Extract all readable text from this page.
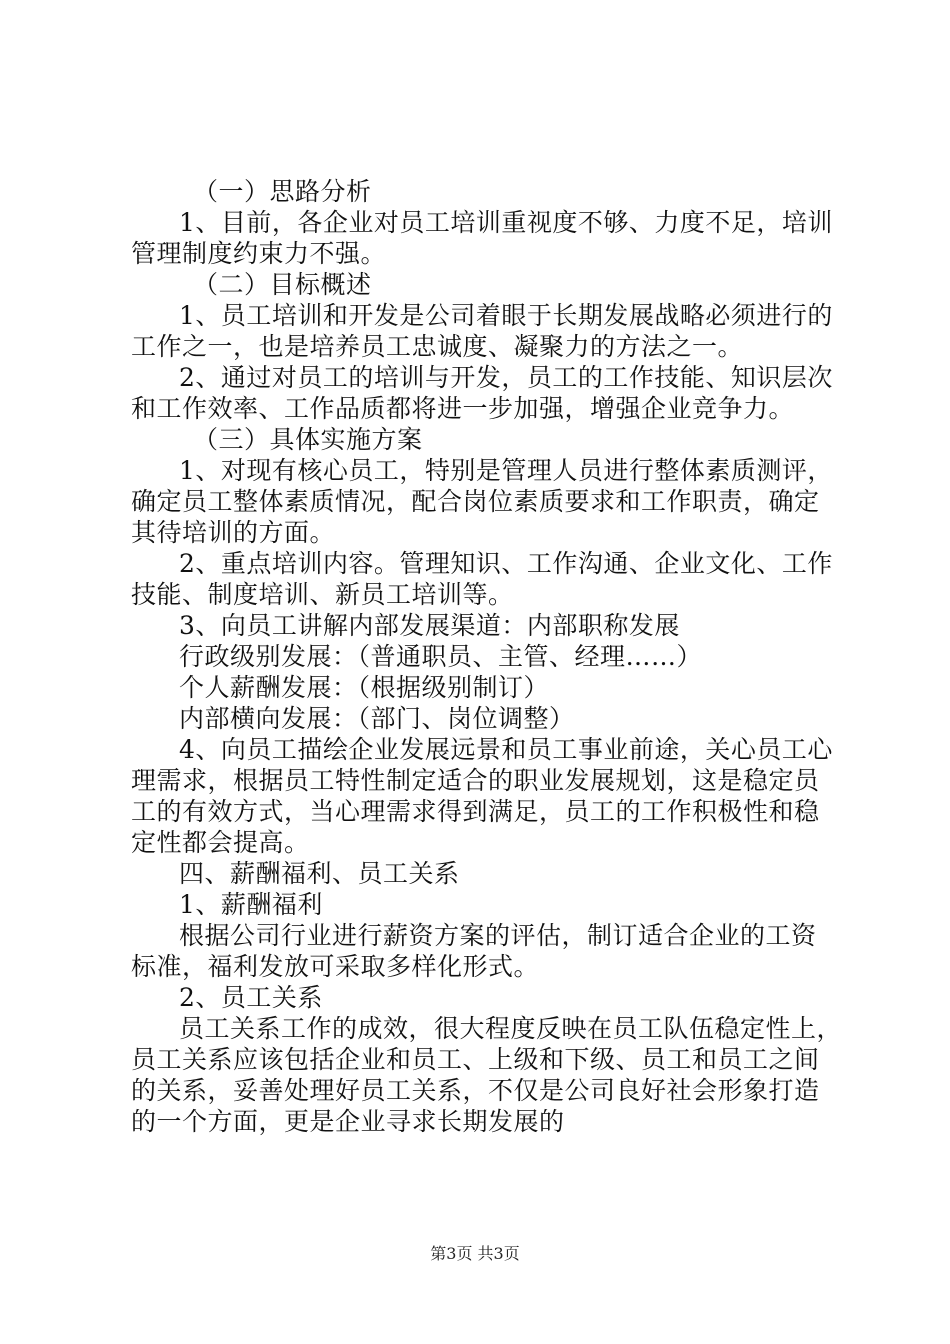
（一）思路分析
1、目前，各企业对员工培训重视度不够、力度不足，培训
管理制度约束力不强。
（二）目标概述
1、员工培训和开发是公司着眼于长期发展战略必须进行的
工作之一，也是培养员工忠诚度、凝聚力的方法之一。
2、通过对员工的培训与开发，员工的工作技能、知识层次
和工作效率、工作品质都将进一步加强，增强企业竞争力。
（三）具体实施方案
1、对现有核心员工，特别是管理人员进行整体素质测评，
确定员工整体素质情况，配合岗位素质要求和工作职责，确定
其待培训的方面。
2、重点培训内容。管理知识、工作沟通、企业文化、工作
技能、制度培训、新员工培训等。
3、向员工讲解内部发展渠道：内部职称发展
行政级别发展：（普通职员、主管、经理……）
个人薪酬发展：（根据级别制订）
内部横向发展：（部门、岗位调整）
4、向员工描绘企业发展远景和员工事业前途，关心员工心
理需求，根据员工特性制定适合的职业发展规划，这是稳定员
工的有效方式，当心理需求得到满足，员工的工作积极性和稳
定性都会提高。
四、薪酬福利、员工关系
1、薪酬福利
根据公司行业进行薪资方案的评估，制订适合企业的工资
标准，福利发放可采取多样化形式。
2、员工关系
员工关系工作的成效，很大程度反映在员工队伍稳定性上，
员工关系应该包括企业和员工、上级和下级、员工和员工之间
的关系，妥善处理好员工关系，不仅是公司良好社会形象打造
的一个方面，更是企业寻求长期发展的
第3页 共3页
